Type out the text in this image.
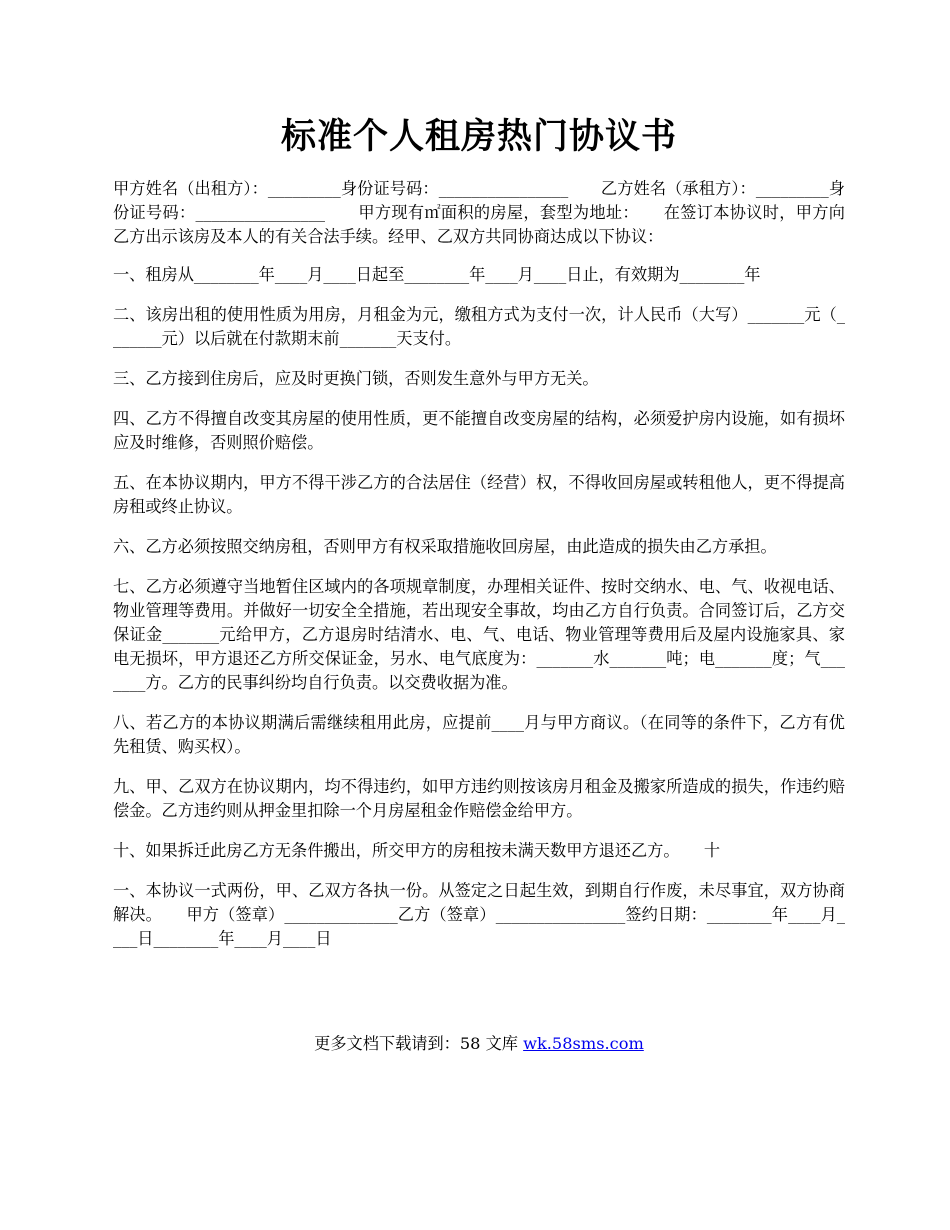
标准个人租房热门协议书

甲方姓名（出租方）：_________身份证号码：________________　　乙方姓名（承租方）：_________身份证号码：________________　　甲方现有㎡面积的房屋，套型为地址：　　在签订本协议时，甲方向乙方出示该房及本人的有关合法手续。经甲、乙双方共同协商达成以下协议：

一、租房从________年____月____日起至________年____月____日止，有效期为________年

二、该房出租的使用性质为用房，月租金为元，缴租方式为支付一次，计人民币（大写）_______元（_______元）以后就在付款期末前_______天支付。

三、乙方接到住房后，应及时更换门锁，否则发生意外与甲方无关。

四、乙方不得擅自改变其房屋的使用性质，更不能擅自改变房屋的结构，必须爱护房内设施，如有损坏应及时维修，否则照价赔偿。

五、在本协议期内，甲方不得干涉乙方的合法居住（经营）权，不得收回房屋或转租他人，更不得提高房租或终止协议。

六、乙方必须按照交纳房租，否则甲方有权采取措施收回房屋，由此造成的损失由乙方承担。

七、乙方必须遵守当地暂住区域内的各项规章制度，办理相关证件、按时交纳水、电、气、收视电话、物业管理等费用。并做好一切安全全措施，若出现安全事故，均由乙方自行负责。合同签订后，乙方交保证金_______元给甲方，乙方退房时结清水、电、气、电话、物业管理等费用后及屋内设施家具、家电无损坏，甲方退还乙方所交保证金，另水、电气底度为：_______水_______吨；电_______度；气_______方。乙方的民事纠纷均自行负责。以交费收据为准。

八、若乙方的本协议期满后需继续租用此房，应提前____月与甲方商议。（在同等的条件下，乙方有优先租赁、购买权）。

九、甲、乙双方在协议期内，均不得违约，如甲方违约则按该房月租金及搬家所造成的损失，作违约赔偿金。乙方违约则从押金里扣除一个月房屋租金作赔偿金给甲方。

十、如果拆迁此房乙方无条件搬出，所交甲方的房租按未满天数甲方退还乙方。　　十

一、本协议一式两份，甲、乙双方各执一份。从签定之日起生效，到期自行作废，未尽事宜，双方协商解决。　　甲方（签章）______________乙方（签章）________________签约日期：________年____月____日________年____月____日

更多文档下载请到：58 文库 wk.58sms.com
